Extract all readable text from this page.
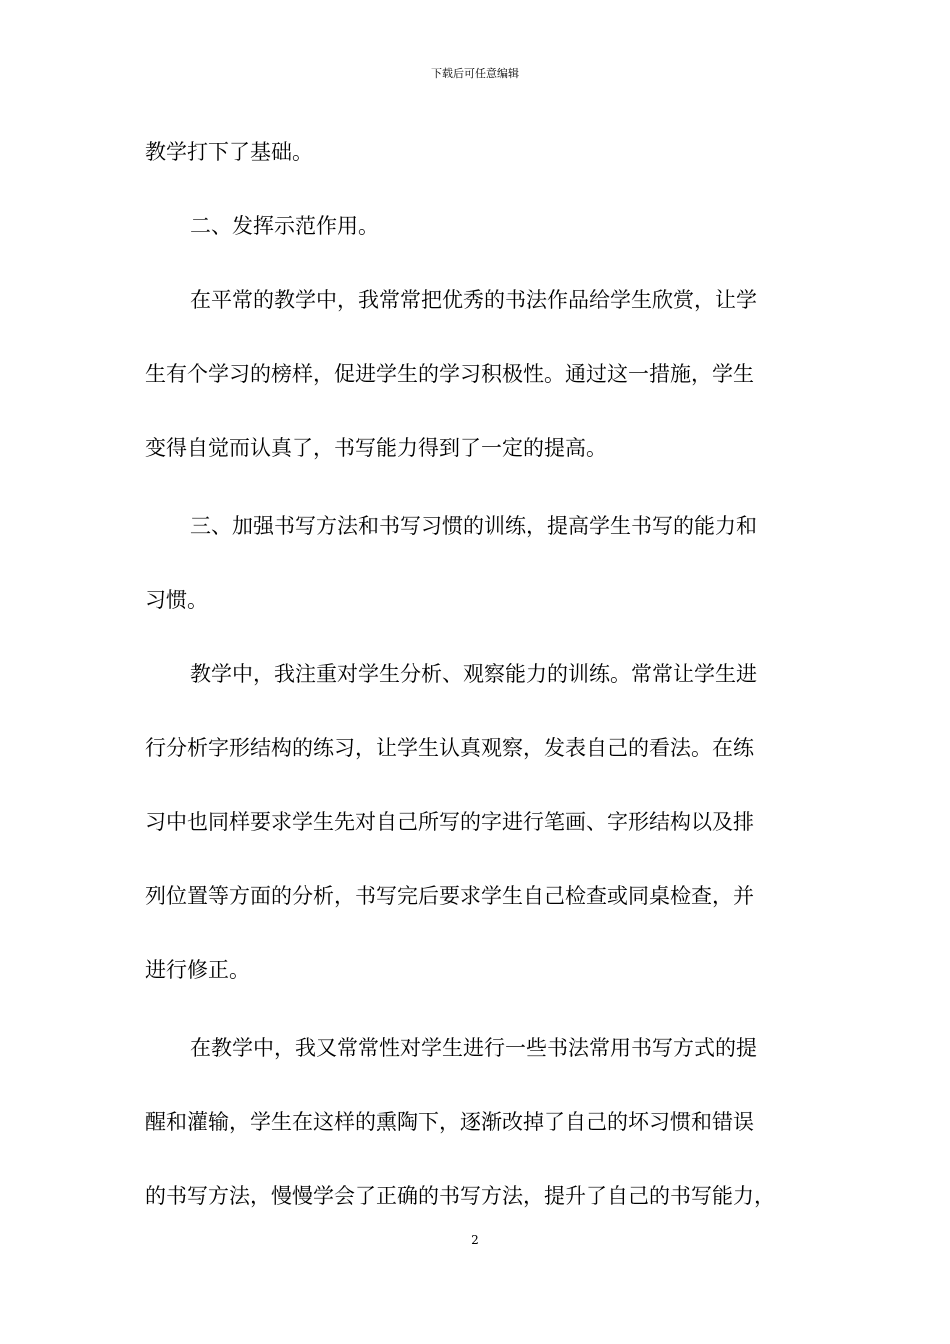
下载后可任意编辑
教学打下了基础。
二、发挥示范作用。
在平常的教学中，我常常把优秀的书法作品给学生欣赏，让学
生有个学习的榜样，促进学生的学习积极性。通过这一措施，学生
变得自觉而认真了，书写能力得到了一定的提高。
三、加强书写方法和书写习惯的训练，提高学生书写的能力和
习惯。
教学中，我注重对学生分析、观察能力的训练。常常让学生进
行分析字形结构的练习，让学生认真观察，发表自己的看法。在练
习中也同样要求学生先对自己所写的字进行笔画、字形结构以及排
列位置等方面的分析，书写完后要求学生自己检查或同桌检查，并
进行修正。
在教学中，我又常常性对学生进行一些书法常用书写方式的提
醒和灌输，学生在这样的熏陶下，逐渐改掉了自己的坏习惯和错误
的书写方法，慢慢学会了正确的书写方法，提升了自己的书写能力，
2
